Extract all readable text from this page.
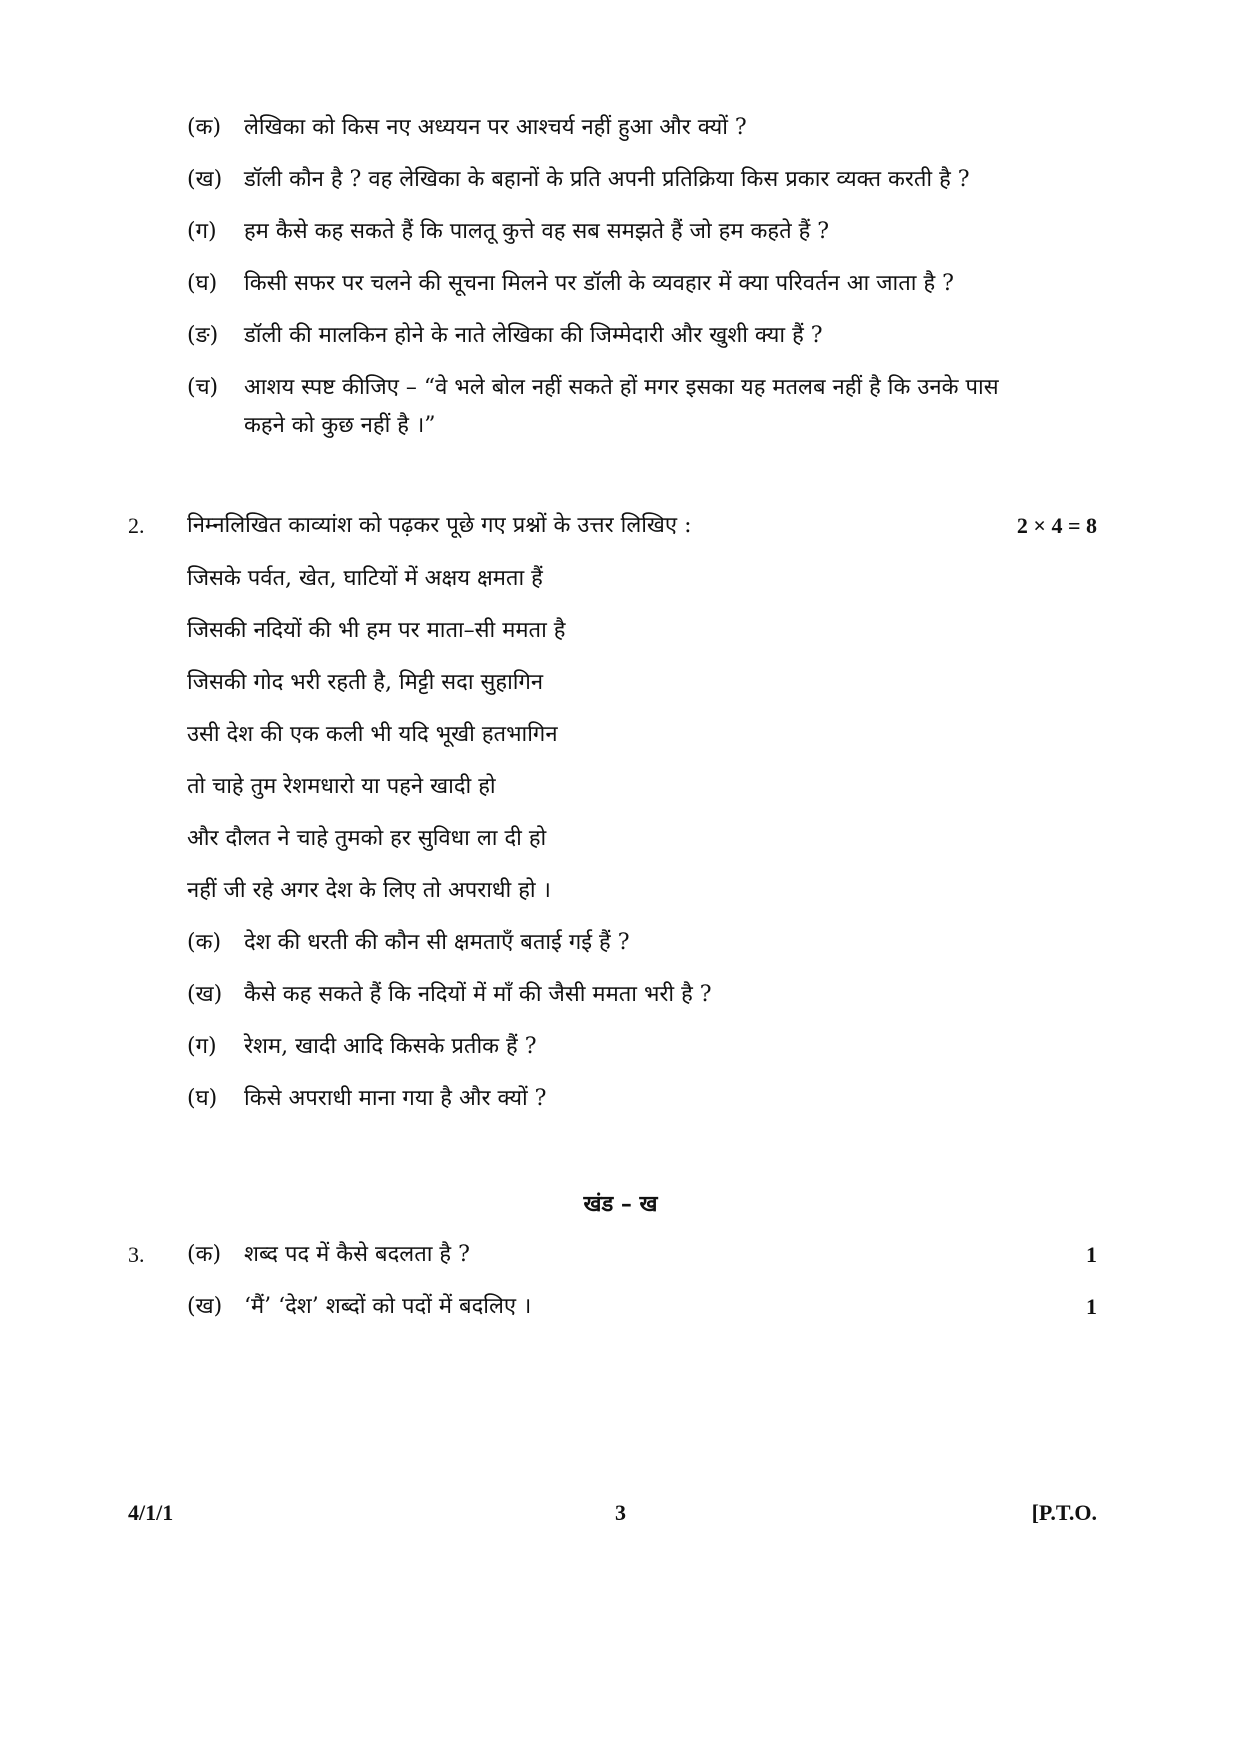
(क) लेखिका को किस नए अध्ययन पर आश्चर्य नहीं हुआ और क्यों ?
(ख) डॉली कौन है ? वह लेखिका के बहानों के प्रति अपनी प्रतिक्रिया किस प्रकार व्यक्त करती है ?
(ग) हम कैसे कह सकते हैं कि पालतू कुत्ते वह सब समझते हैं जो हम कहते हैं ?
(घ) किसी सफर पर चलने की सूचना मिलने पर डॉली के व्यवहार में क्या परिवर्तन आ जाता है ?
(ङ) डॉली की मालकिन होने के नाते लेखिका की जिम्मेदारी और खुशी क्या हैं ?
(च) आशय स्पष्ट कीजिए – “वे भले बोल नहीं सकते हों मगर इसका यह मतलब नहीं है कि उनके पास
कहने को कुछ नहीं है ।”
2. निम्नलिखित काव्यांश को पढ़कर पूछे गए प्रश्नों के उत्तर लिखिए :	2 × 4 = 8
जिसके पर्वत, खेत, घाटियों में अक्षय क्षमता हैं
जिसकी नदियों की भी हम पर माता–सी ममता है
जिसकी गोद भरी रहती है, मिट्टी सदा सुहागिन
उसी देश की एक कली भी यदि भूखी हतभागिन
तो चाहे तुम रेशमधारो या पहने खादी हो
और दौलत ने चाहे तुमको हर सुविधा ला दी हो
नहीं जी रहे अगर देश के लिए तो अपराधी हो ।
(क) देश की धरती की कौन सी क्षमताएँ बताई गई हैं ?
(ख) कैसे कह सकते हैं कि नदियों में माँ की जैसी ममता भरी है ?
(ग) रेशम, खादी आदि किसके प्रतीक हैं ?
(घ) किसे अपराधी माना गया है और क्यों ?
खंड – ख
3. (क) शब्द पद में कैसे बदलता है ?	1
(ख) ‘मैं’ ‘देश’ शब्दों को पदों में बदलिए ।	1
4/1/1	3	[P.T.O.
